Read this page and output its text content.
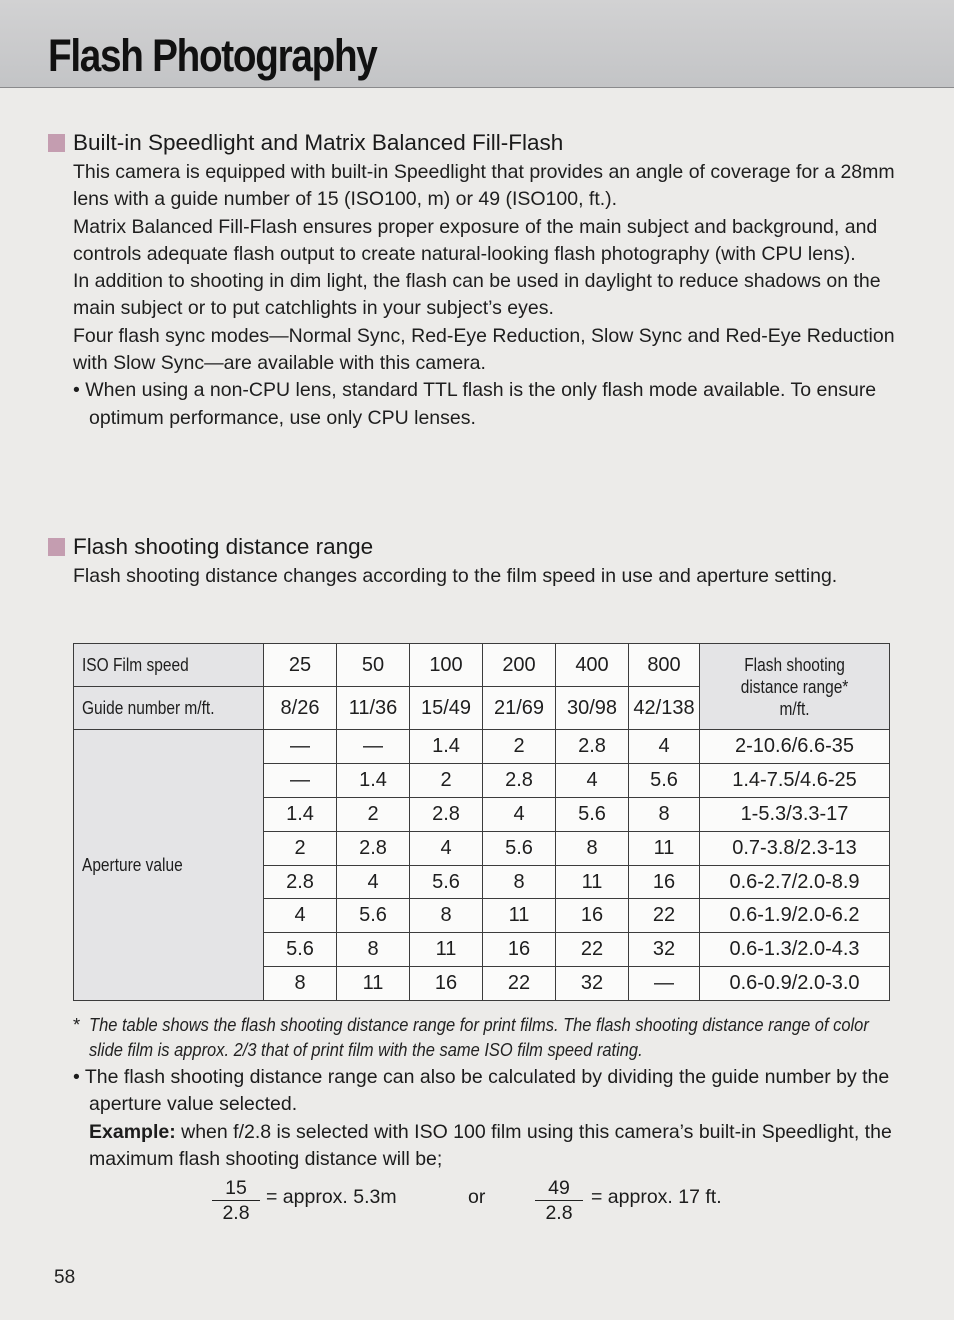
Flash Photography
Built-in Speedlight and Matrix Balanced Fill-Flash

This camera is equipped with built-in Speedlight that provides an angle of coverage for a 28mm lens with a guide number of 15 (ISO100, m) or 49 (ISO100, ft.).

Matrix Balanced Fill-Flash ensures proper exposure of the main subject and background, and controls adequate flash output to create natural-looking flash photography (with CPU lens).

In addition to shooting in dim light, the flash can be used in daylight to reduce shadows on the main subject or to put catchlights in your subject’s eyes.

Four flash sync modes—Normal Sync, Red-Eye Reduction, Slow Sync and Red-Eye Reduction with Slow Sync—are available with this camera.

• When using a non-CPU lens, standard TTL flash is the only flash mode available. To ensure optimum performance, use only CPU lenses.

Flash shooting distance range

Flash shooting distance changes according to the film speed in use and aperture setting.

ISO Film speed	25	50	100	200	400	800	Flash shooting
distance range*
m/ft.
Guide number m/ft.	8/26	11/36	15/49	21/69	30/98	42/138	
Aperture value	—	—	1.4	2	2.8	4	2-10.6/6.6-35
	—	1.4	2	2.8	4	5.6	1.4-7.5/4.6-25
	1.4	2	2.8	4	5.6	8	1-5.3/3.3-17
	2	2.8	4	5.6	8	11	0.7-3.8/2.3-13
	2.8	4	5.6	8	11	16	0.6-2.7/2.0-8.9
	4	5.6	8	11	16	22	0.6-1.9/2.0-6.2
	5.6	8	11	16	22	32	0.6-1.3/2.0-4.3
	8	11	16	22	32	—	0.6-0.9/2.0-3.0
* The table shows the flash shooting distance range for print films. The flash shooting distance range of color slide film is approx. 2/3 that of print film with the same ISO film speed rating.

• The flash shooting distance range can also be calculated by dividing the guide number by the aperture value selected.

Example: when f/2.8 is selected with ISO 100 film using this camera’s built-in Speedlight, the maximum flash shooting distance will be;

$\frac{15}{2.8}$ = approx. 5.3m	or	$\frac{49}{2.8}$ = approx. 17 ft.
58
